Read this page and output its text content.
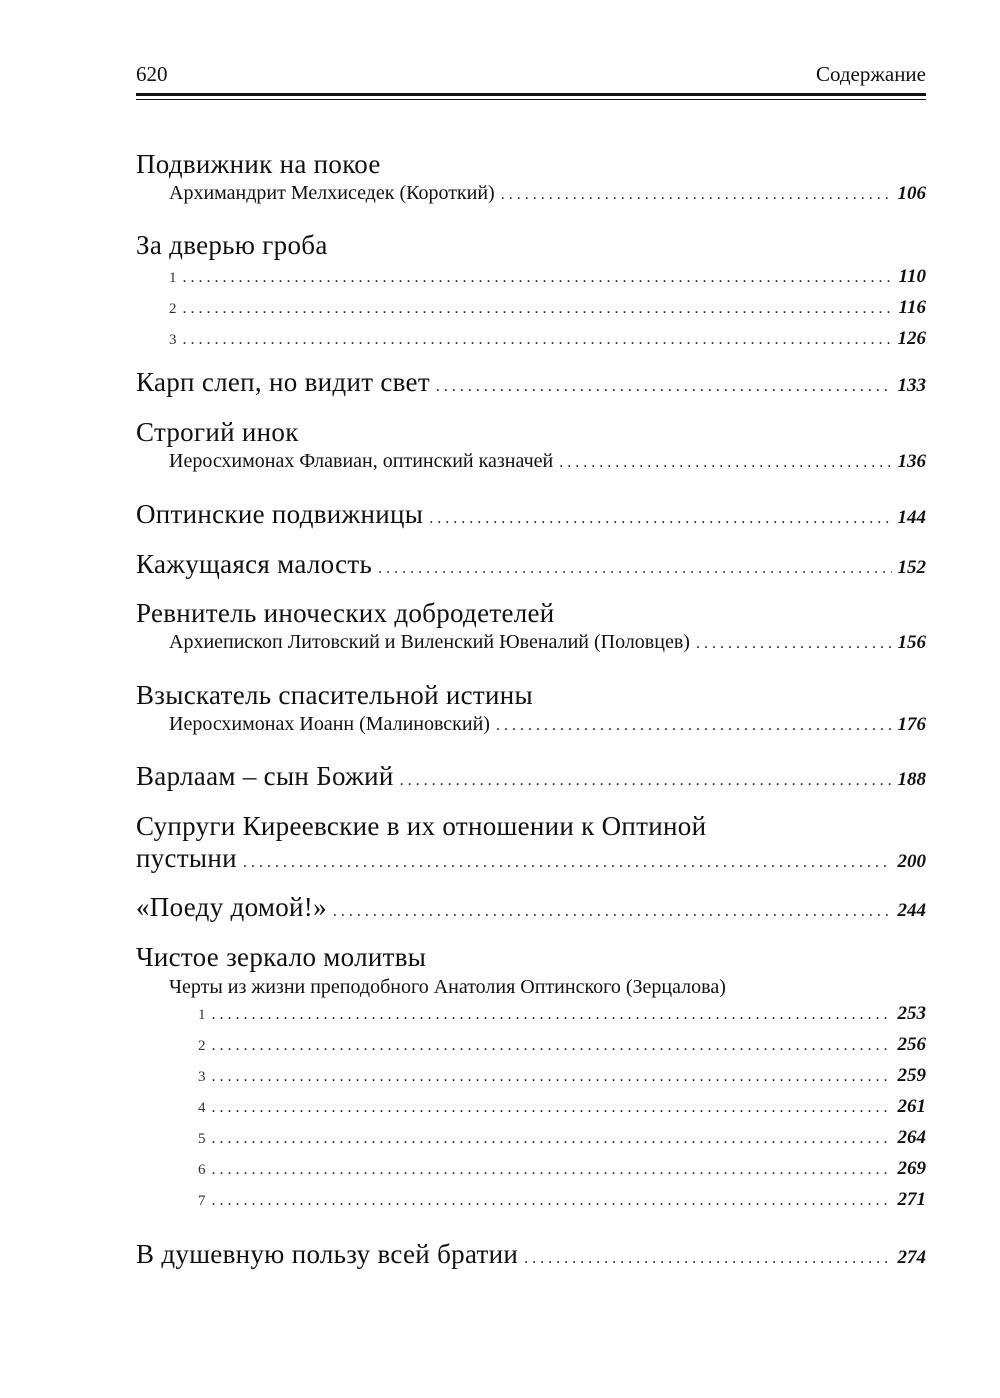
620	Содержание
Подвижник на покое
Архимандрит Мелхиседек (Короткий) . . .	106
За дверью гроба
1 . . .	110
2 . . .	116
3 . . .	126
Карп слеп, но видит свет . . .	133
Строгий инок
Иеросхимонах Флавиан, оптинский казначей . . .	136
Оптинские подвижницы . . .	144
Кажущаяся малость . . .	152
Ревнитель иноческих добродетелей
Архиепископ Литовский и Виленский Ювеналий (Половцев) . . .	156
Взыскатель спасительной истины
Иеросхимонах Иоанн (Малиновский) . . .	176
Варлаам – сын Божий . . .	188
Супруги Киреевские в их отношении к Оптиной
пустыни . . .	200
«Поеду домой!» . . .	244
Чистое зеркало молитвы
Черты из жизни преподобного Анатолия Оптинского (Зерцалова)
1 . . .	253
2 . . .	256
3 . . .	259
4 . . .	261
5 . . .	264
6 . . .	269
7 . . .	271
В душевную пользу всей братии . . .	274
